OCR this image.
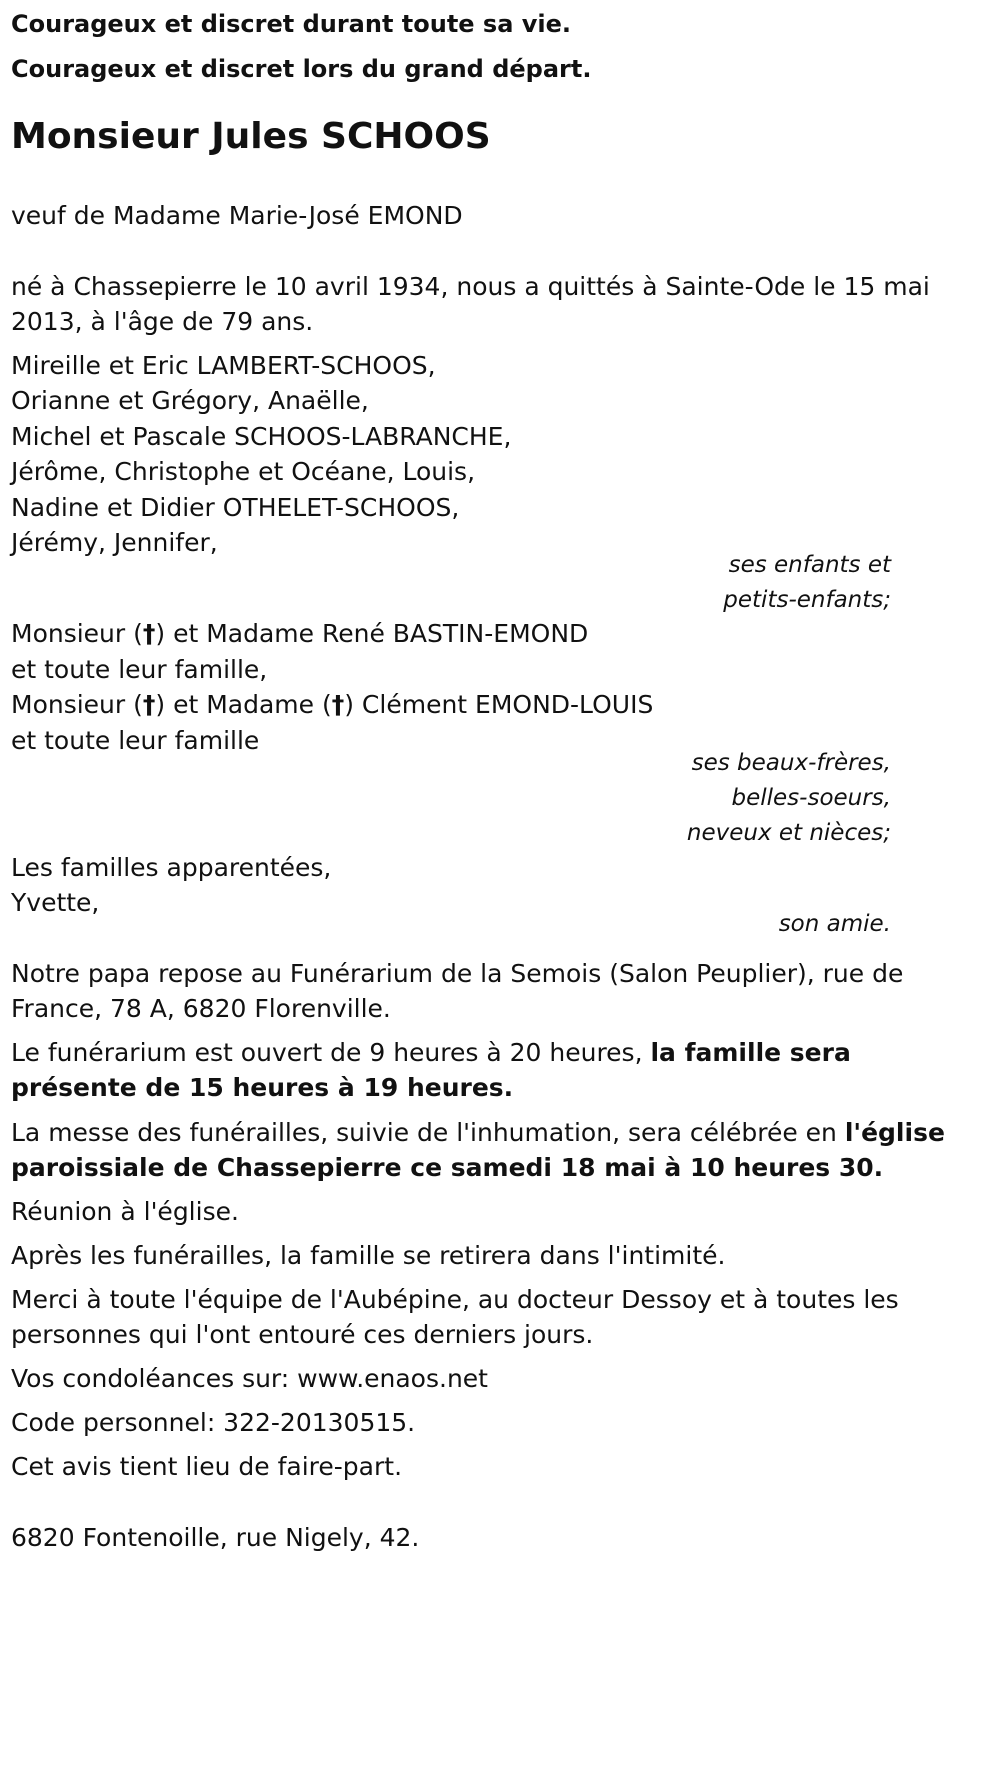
Courageux et discret durant toute sa vie.
Courageux et discret lors du grand départ.
Monsieur Jules SCHOOS
veuf de Madame Marie-José EMOND
né à Chassepierre le 10 avril 1934, nous a quittés à Sainte-Ode le 15 mai
2013, à l'âge de 79 ans.
Mireille et Eric LAMBERT-SCHOOS,
Orianne et Grégory, Anaëlle,
Michel et Pascale SCHOOS-LABRANCHE,
Jérôme, Christophe et Océane, Louis,
Nadine et Didier OTHELET-SCHOOS,
Jérémy, Jennifer,
ses enfants et
petits-enfants;
Monsieur (†) et Madame René BASTIN-EMOND
et toute leur famille,
Monsieur (†) et Madame (†) Clément EMOND-LOUIS
et toute leur famille
ses beaux-frères,
belles-soeurs,
neveux et nièces;
Les familles apparentées,
Yvette,
son amie.
Notre papa repose au Funérarium de la Semois (Salon Peuplier), rue de
France, 78 A, 6820 Florenville.
Le funérarium est ouvert de 9 heures à 20 heures, la famille sera
présente de 15 heures à 19 heures.
La messe des funérailles, suivie de l'inhumation, sera célébrée en l'église
paroissiale de Chassepierre ce samedi 18 mai à 10 heures 30.
Réunion à l'église.
Après les funérailles, la famille se retirera dans l'intimité.
Merci à toute l'équipe de l'Aubépine, au docteur Dessoy et à toutes les
personnes qui l'ont entouré ces derniers jours.
Vos condoléances sur: www.enaos.net
Code personnel: 322-20130515.
Cet avis tient lieu de faire-part.
6820 Fontenoille, rue Nigely, 42.
